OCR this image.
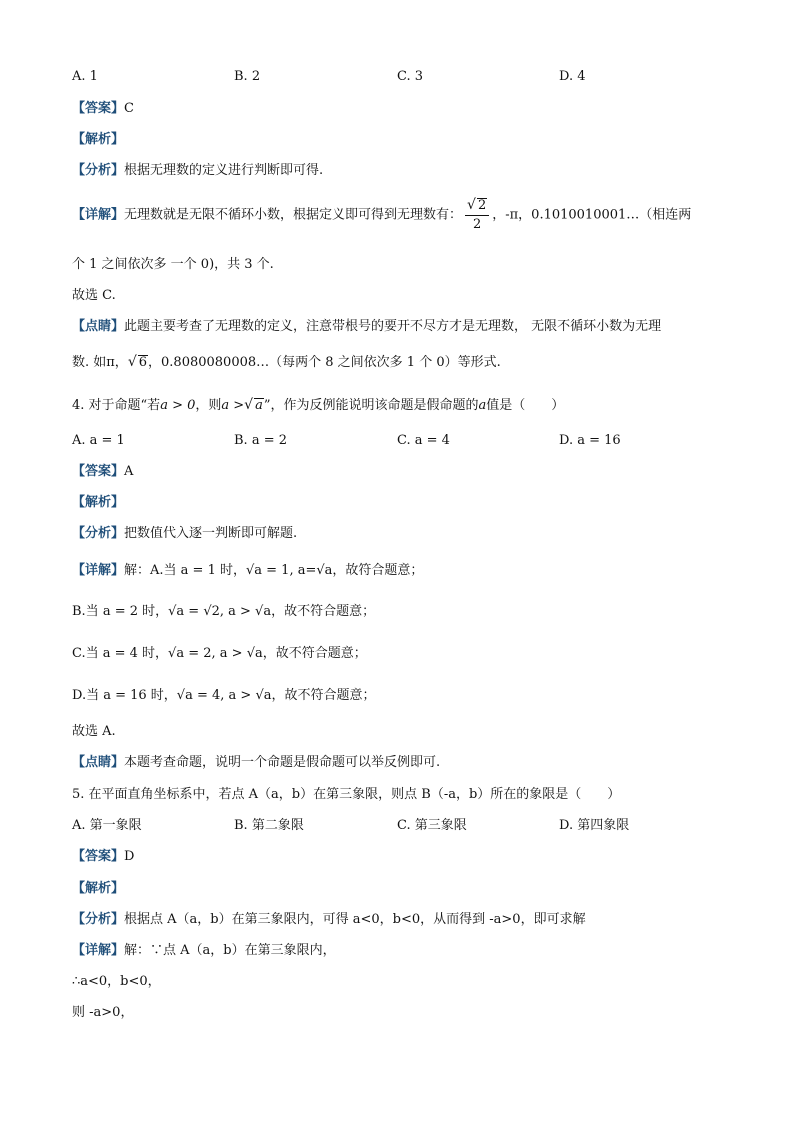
A. 1	B. 2	C. 3	D. 4
【答案】C
【解析】
【分析】根据无理数的定义进行判断即可得.
【详解】无理数就是无限不循环小数，根据定义即可得到无理数有： $\frac{√ 2}{2}$ ，‐π，0.1010010001…（相连两
个 1 之间依次多 一个 0)，共 3 个.
故选 C.
【点睛】此题主要考查了无理数的定义，注意带根号的要开不尽方才是无理数， 无限不循环小数为无理
数. 如π，√ 6，0.8080080008…（每两个 8 之间依次多 1 个 0）等形式.
4. 对于命题“若a > 0，则a >√ a”，作为反例能说明该命题是假命题的a值是（　　）
A. a = 1	B. a = 2	C. a = 4	D. a = 16
【答案】A
【解析】
【分析】把数值代入逐一判断即可解题.
【详解】解：A.当 a = 1 时，√a = 1, a=√a，故符合题意；
B.当 a = 2 时，√a = √2, a > √a，故不符合题意；
C.当 a = 4 时，√a = 2, a > √a，故不符合题意；
D.当 a = 16 时，√a = 4, a > √a，故不符合题意；
故选 A.
【点睛】本题考查命题，说明一个命题是假命题可以举反例即可.
5. 在平面直角坐标系中，若点 A（a，b）在第三象限，则点 B（‐a，b）所在的象限是（　　）
A. 第一象限	B. 第二象限	C. 第三象限	D. 第四象限
【答案】D
【解析】
【分析】根据点 A（a，b）在第三象限内，可得 a<0，b<0，从而得到 ‐a>0，即可求解
【详解】解：∵点 A（a，b）在第三象限内，
∴a<0，b<0，
则 ‐a>0，
